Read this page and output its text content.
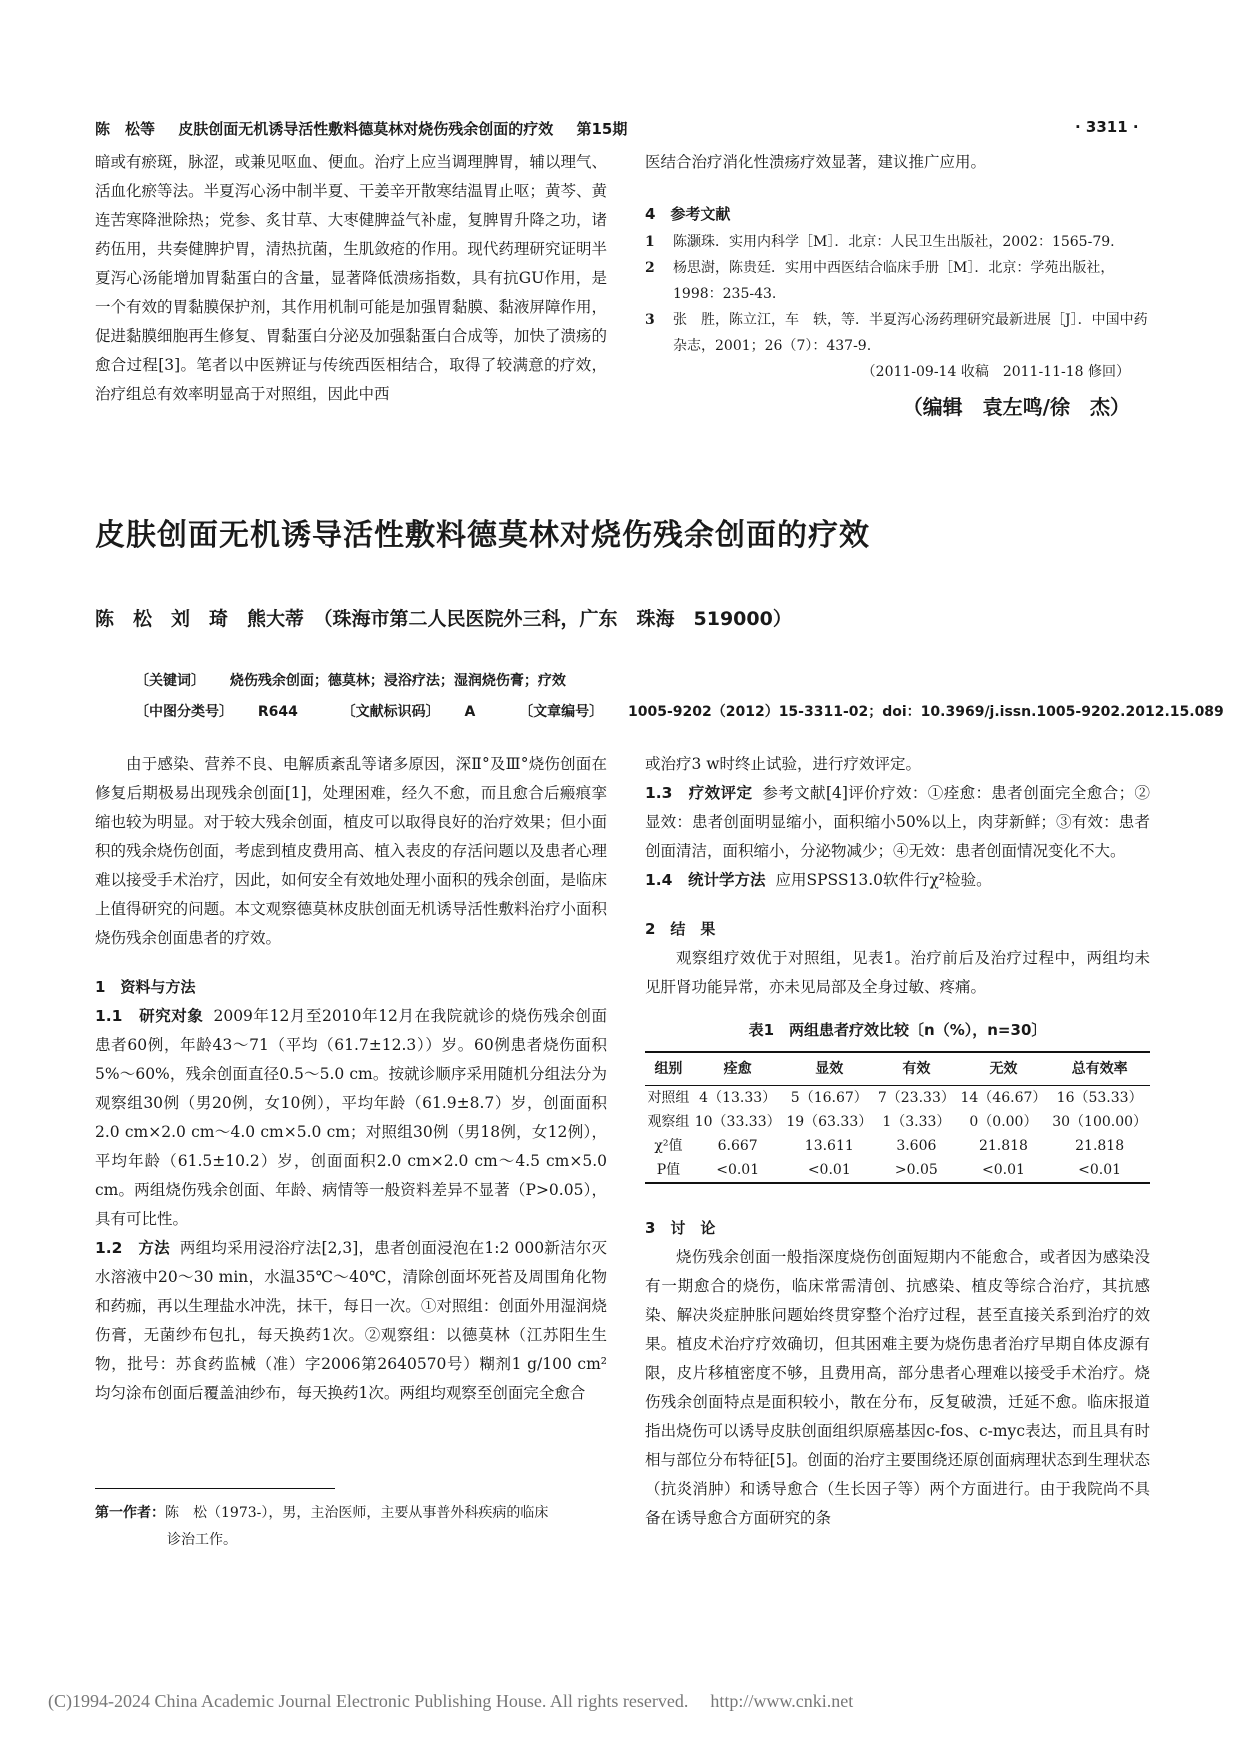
陈　松等 皮肤创面无机诱导活性敷料德莫林对烧伤残余创面的疗效 第15期	· 3311 ·

暗或有瘀斑，脉涩，或兼见呕血、便血。治疗上应当调理脾胃，辅以理气、活血化瘀等法。半夏泻心汤中制半夏、干姜辛开散寒结温胃止呕；黄芩、黄连苦寒降泄除热；党参、炙甘草、大枣健脾益气补虚，复脾胃升降之功，诸药伍用，共奏健脾护胃，清热抗菌，生肌敛疮的作用。现代药理研究证明半夏泻心汤能增加胃黏蛋白的含量，显著降低溃疡指数，具有抗GU作用，是一个有效的胃黏膜保护剂，其作用机制可能是加强胃黏膜、黏液屏障作用，促进黏膜细胞再生修复、胃黏蛋白分泌及加强黏蛋白合成等，加快了溃疡的愈合过程[3]。笔者以中医辨证与传统西医相结合，取得了较满意的疗效，治疗组总有效率明显高于对照组，因此中西

医结合治疗消化性溃疡疗效显著，建议推广应用。

4　参考文献

1	陈灏珠．实用内科学［M］．北京：人民卫生出版社，2002：1565-79.
2	杨思澍，陈贵廷．实用中西医结合临床手册［M］．北京：学苑出版社，1998：235-43.
3	张　胜，陈立江，车　轶，等．半夏泻心汤药理研究最新进展［J］．中国中药杂志，2001；26（7）：437-9.
（2011-09-14 收稿　2011-11-18 修回）
（编辑　袁左鸣/徐　杰）
皮肤创面无机诱导活性敷料德莫林对烧伤残余创面的疗效
陈　松　刘　琦　熊大蒂　（珠海市第二人民医院外三科，广东　珠海　519000）
〔关键词〕 烧伤残余创面；德莫林；浸浴疗法；湿润烧伤膏；疗效
〔中图分类号〕 R644	〔文献标识码〕 A	〔文章编号〕 1005-9202（2012）15-3311-02；doi：10.3969/j.issn.1005-9202.2012.15.089

由于感染、营养不良、电解质紊乱等诸多原因，深Ⅱ°及Ⅲ°烧伤创面在修复后期极易出现残余创面[1]，处理困难，经久不愈，而且愈合后瘢痕挛缩也较为明显。对于较大残余创面，植皮可以取得良好的治疗效果；但小面积的残余烧伤创面，考虑到植皮费用高、植入表皮的存活问题以及患者心理难以接受手术治疗，因此，如何安全有效地处理小面积的残余创面，是临床上值得研究的问题。本文观察德莫林皮肤创面无机诱导活性敷料治疗小面积烧伤残余创面患者的疗效。

1　资料与方法

1.1　研究对象 2009年12月至2010年12月在我院就诊的烧伤残余创面患者60例，年龄43～71（平均（61.7±12.3））岁。60例患者烧伤面积5%～60%，残余创面直径0.5～5.0 cm。按就诊顺序采用随机分组法分为观察组30例（男20例，女10例），平均年龄（61.9±8.7）岁，创面面积2.0 cm×2.0 cm～4.0 cm×5.0 cm；对照组30例（男18例，女12例），平均年龄（61.5±10.2）岁，创面面积2.0 cm×2.0 cm～4.5 cm×5.0 cm。两组烧伤残余创面、年龄、病情等一般资料差异不显著（P>0.05），具有可比性。

1.2　方法 两组均采用浸浴疗法[2,3]，患者创面浸泡在1:2 000新洁尔灭水溶液中20～30 min，水温35℃～40℃，清除创面坏死苔及周围角化物和药痂，再以生理盐水冲洗，抹干，每日一次。①对照组：创面外用湿润烧伤膏，无菌纱布包扎，每天换药1次。②观察组：以德莫林（江苏阳生生物，批号：苏食药监械（准）字2006第2640570号）糊剂1 g/100 cm²均匀涂布创面后覆盖油纱布，每天换药1次。两组均观察至创面完全愈合

或治疗3 w时终止试验，进行疗效评定。

1.3　疗效评定 参考文献[4]评价疗效：①痊愈：患者创面完全愈合；②显效：患者创面明显缩小，面积缩小50%以上，肉芽新鲜；③有效：患者创面清洁，面积缩小，分泌物减少；④无效：患者创面情况变化不大。

1.4　统计学方法 应用SPSS13.0软件行χ²检验。

2　结　果

观察组疗效优于对照组，见表1。治疗前后及治疗过程中，两组均未见肝肾功能异常，亦未见局部及全身过敏、疼痛。

表1　两组患者疗效比较〔n（%），n=30〕
组别	痊愈	显效	有效	无效	总有效率
对照组	4（13.33）	5（16.67）	7（23.33）	14（46.67）	16（53.33）
观察组	10（33.33）	19（63.33）	1（3.33）	0（0.00）	30（100.00）
χ²值	6.667	13.611	3.606	21.818	21.818
P值	<0.01	<0.01	>0.05	<0.01	<0.01

3　讨　论

烧伤残余创面一般指深度烧伤创面短期内不能愈合，或者因为感染没有一期愈合的烧伤，临床常需清创、抗感染、植皮等综合治疗，其抗感染、解决炎症肿胀问题始终贯穿整个治疗过程，甚至直接关系到治疗的效果。植皮术治疗疗效确切，但其困难主要为烧伤患者治疗早期自体皮源有限，皮片移植密度不够，且费用高，部分患者心理难以接受手术治疗。烧伤残余创面特点是面积较小，散在分布，反复破溃，迁延不愈。临床报道指出烧伤可以诱导皮肤创面组织原癌基因c-fos、c-myc表达，而且具有时相与部位分布特征[5]。创面的治疗主要围绕还原创面病理状态到生理状态（抗炎消肿）和诱导愈合（生长因子等）两个方面进行。由于我院尚不具备在诱导愈合方面研究的条

第一作者：陈　松（1973-），男，主治医师，主要从事普外科疾病的临床
诊治工作。
(C)1994-2024 China Academic Journal Electronic Publishing House. All rights reserved. http://www.cnki.net
